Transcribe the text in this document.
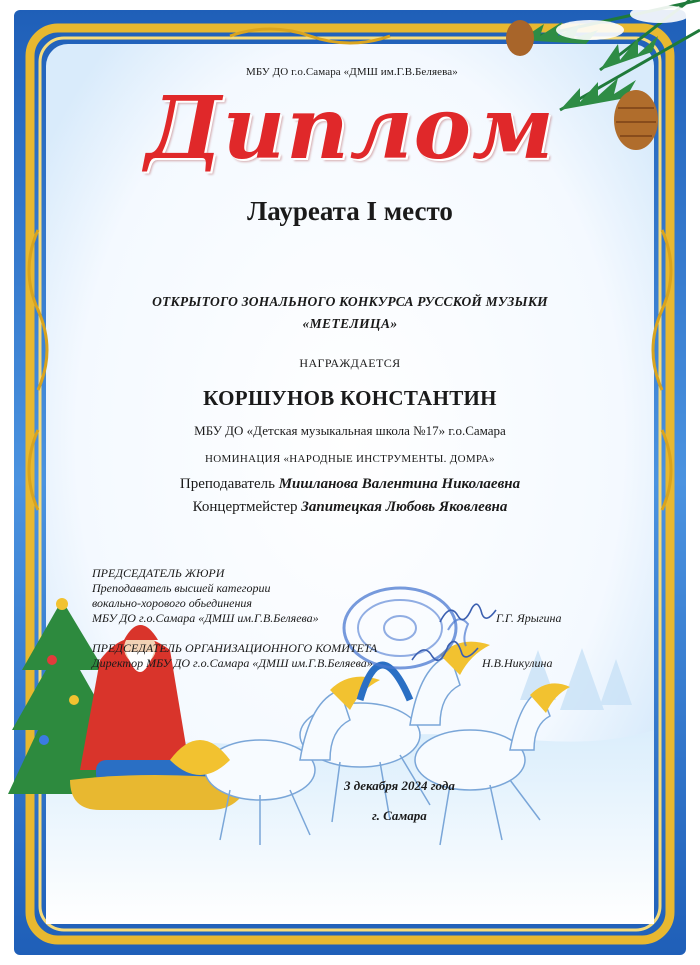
МБУ ДО г.о.Самара «ДМШ им.Г.В.Беляева»
Диплом
Лауреата I место
ОТКРЫТОГО ЗОНАЛЬНОГО КОНКУРСА РУССКОЙ МУЗЫКИ
«МЕТЕЛИЦА»
НАГРАЖДАЕТСЯ
КОРШУНОВ КОНСТАНТИН
МБУ ДО «Детская музыкальная школа №17» г.о.Самара
НОМИНАЦИЯ «НАРОДНЫЕ ИНСТРУМЕНТЫ. ДОМРА»
Преподаватель Мишланова Валентина Николаевна
Концертмейстер Запитецкая Любовь Яковлевна
ПРЕДСЕДАТЕЛЬ ЖЮРИ
Преподаватель высшей категории
вокально-хорового обьединения
МБУ ДО г.о.Самара «ДМШ им.Г.В.Беляева»	Г.Г. Ярыгина
ПРЕДСЕДАТЕЛЬ ОРГАНИЗАЦИОННОГО КОМИТЕТА
Директор МБУ ДО г.о.Самара «ДМШ им.Г.В.Беляева»	Н.В.Никулина
3 декабря 2024 года
г. Самара
